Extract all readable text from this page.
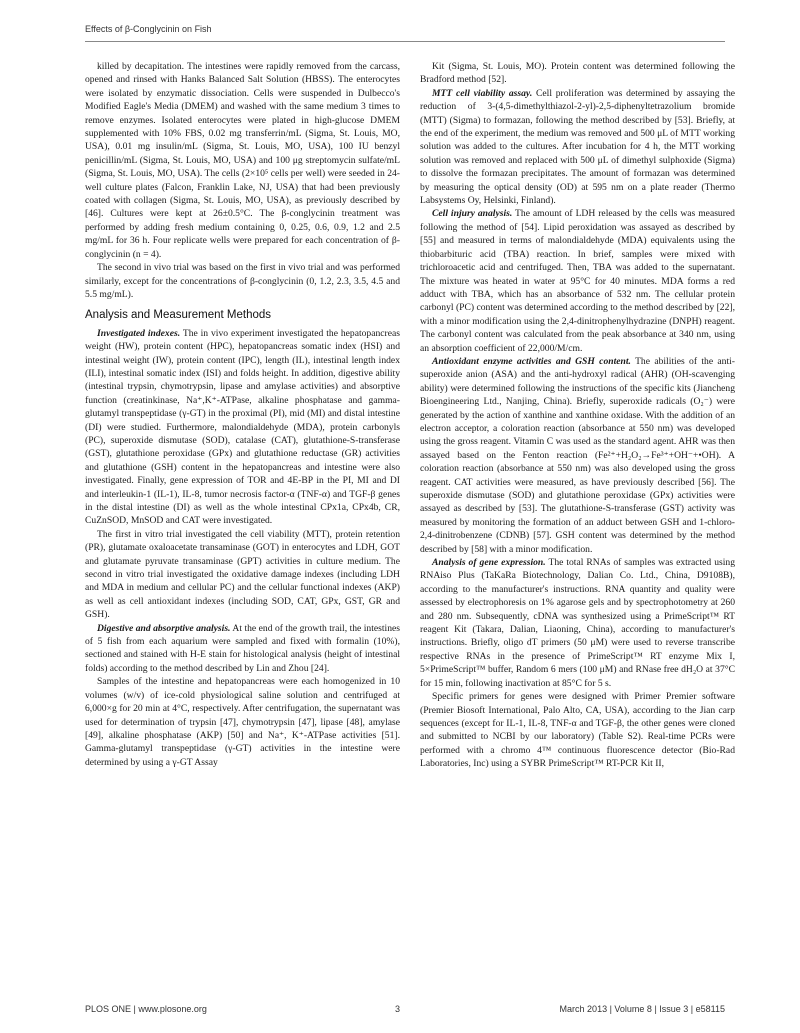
Effects of β-Conglycinin on Fish

killed by decapitation. The intestines were rapidly removed from the carcass, opened and rinsed with Hanks Balanced Salt Solution (HBSS). The enterocytes were isolated by enzymatic dissociation. Cells were suspended in Dulbecco's Modified Eagle's Media (DMEM) and washed with the same medium 3 times to remove enzymes. Isolated enterocytes were plated in high-glucose DMEM supplemented with 10% FBS, 0.02 mg transferrin/mL (Sigma, St. Louis, MO, USA), 0.01 mg insulin/mL (Sigma, St. Louis, MO, USA), 100 IU benzyl penicillin/mL (Sigma, St. Louis, MO, USA) and 100 μg streptomycin sulfate/mL (Sigma, St. Louis, MO, USA). The cells (2×10⁵ cells per well) were seeded in 24-well culture plates (Falcon, Franklin Lake, NJ, USA) that had been previously coated with collagen (Sigma, St. Louis, MO, USA), as previously described by [46]. Cultures were kept at 26±0.5°C. The β-conglycinin treatment was performed by adding fresh medium containing 0, 0.25, 0.6, 0.9, 1.2 and 2.5 mg/mL for 36 h. Four replicate wells were prepared for each concentration of β-conglycinin (n = 4).

The second in vivo trial was based on the first in vivo trial and was performed similarly, except for the concentrations of β-conglycinin (0, 1.2, 2.3, 3.5, 4.5 and 5.5 mg/mL).

Analysis and Measurement Methods

Investigated indexes. The in vivo experiment investigated the hepatopancreas weight (HW), protein content (HPC), hepatopancreas somatic index (HSI) and intestinal weight (IW), protein content (IPC), length (IL), intestinal length index (ILI), intestinal somatic index (ISI) and folds height. In addition, digestive ability (intestinal trypsin, chymotrypsin, lipase and amylase activities) and absorptive function (creatinkinase, Na⁺,K⁺-ATPase, alkaline phosphatase and gamma-glutamyl transpeptidase (γ-GT) in the proximal (PI), mid (MI) and distal intestine (DI) were studied. Furthermore, malondialdehyde (MDA), protein carbonyls (PC), superoxide dismutase (SOD), catalase (CAT), glutathione-S-transferase (GST), glutathione peroxidase (GPx) and glutathione reductase (GR) activities and glutathione (GSH) content in the hepatopancreas and intestine were also investigated. Finally, gene expression of TOR and 4E-BP in the PI, MI and DI and interleukin-1 (IL-1), IL-8, tumor necrosis factor-α (TNF-α) and TGF-β genes in the distal intestine (DI) as well as the whole intestinal CPx1a, CPx4b, CR, CuZnSOD, MnSOD and CAT were investigated.

The first in vitro trial investigated the cell viability (MTT), protein retention (PR), glutamate oxaloacetate transaminase (GOT) in enterocytes and LDH, GOT and glutamate pyruvate transaminase (GPT) activities in culture medium. The second in vitro trial investigated the oxidative damage indexes (including LDH and MDA in medium and cellular PC) and the cellular functional indexes (AKP) as well as cell antioxidant indexes (including SOD, CAT, GPx, GST, GR and GSH).

Digestive and absorptive analysis. At the end of the growth trail, the intestines of 5 fish from each aquarium were sampled and fixed with formalin (10%), sectioned and stained with H-E stain for histological analysis (height of intestinal folds) according to the method described by Lin and Zhou [24].

Samples of the intestine and hepatopancreas were each homogenized in 10 volumes (w/v) of ice-cold physiological saline solution and centrifuged at 6,000×g for 20 min at 4°C, respectively. After centrifugation, the supernatant was used for determination of trypsin [47], chymotrypsin [47], lipase [48], amylase [49], alkaline phosphatase (AKP) [50] and Na⁺, K⁺-ATPase activities [51]. Gamma-glutamyl transpeptidase (γ-GT) activities in the intestine were determined by using a γ-GT Assay

Kit (Sigma, St. Louis, MO). Protein content was determined following the Bradford method [52].

MTT cell viability assay. Cell proliferation was determined by assaying the reduction of 3-(4,5-dimethylthiazol-2-yl)-2,5-diphenyltetrazolium bromide (MTT) (Sigma) to formazan, following the method described by [53]. Briefly, at the end of the experiment, the medium was removed and 500 μL of MTT working solution was added to the cultures. After incubation for 4 h, the MTT working solution was removed and replaced with 500 μL of dimethyl sulphoxide (Sigma) to dissolve the formazan precipitates. The amount of formazan was determined by measuring the optical density (OD) at 595 nm on a plate reader (Thermo Labsystems Oy, Helsinki, Finland).

Cell injury analysis. The amount of LDH released by the cells was measured following the method of [54]. Lipid peroxidation was assayed as described by [55] and measured in terms of malondialdehyde (MDA) equivalents using the thiobarbituric acid (TBA) reaction. In brief, samples were mixed with trichloroacetic acid and centrifuged. Then, TBA was added to the supernatant. The mixture was heated in water at 95°C for 40 minutes. MDA forms a red adduct with TBA, which has an absorbance of 532 nm. The cellular protein carbonyl (PC) content was determined according to the method described by [22], with a minor modification using the 2,4-dinitrophenylhydrazine (DNPH) reagent. The carbonyl content was calculated from the peak absorbance at 340 nm, using an absorption coefficient of 22,000/M/cm.

Antioxidant enzyme activities and GSH content. The abilities of the anti-superoxide anion (ASA) and the anti-hydroxyl radical (AHR) (OH-scavenging ability) were determined following the instructions of the specific kits (Jiancheng Bioengineering Ltd., Nanjing, China). Briefly, superoxide radicals (O₂⁻) were generated by the action of xanthine and xanthine oxidase. With the addition of an electron acceptor, a coloration reaction (absorbance at 550 nm) was developed using the gross reagent. Vitamin C was used as the standard agent. AHR was then assayed based on the Fenton reaction (Fe²⁺+H₂O₂→Fe³⁺+OH⁻+•OH). A coloration reaction (absorbance at 550 nm) was also developed using the gross reagent. CAT activities were measured, as have previously described [56]. The superoxide dismutase (SOD) and glutathione peroxidase (GPx) activities were assayed as described by [53]. The glutathione-S-transferase (GST) activity was measured by monitoring the formation of an adduct between GSH and 1-chloro-2,4-dinitrobenzene (CDNB) [57]. GSH content was determined by the method described by [58] with a minor modification.

Analysis of gene expression. The total RNAs of samples was extracted using RNAiso Plus (TaKaRa Biotechnology, Dalian Co. Ltd., China, D9108B), according to the manufacturer's instructions. RNA quantity and quality were assessed by electrophoresis on 1% agarose gels and by spectrophotometry at 260 and 280 nm. Subsequently, cDNA was synthesized using a PrimeScript™ RT reagent Kit (Takara, Dalian, Liaoning, China), according to manufacturer's instructions. Briefly, oligo dT primers (50 μM) were used to reverse transcribe respective RNAs in the presence of PrimeScript™ RT enzyme Mix I, 5×PrimeScript™ buffer, Random 6 mers (100 μM) and RNase free dH₂O at 37°C for 15 min, following inactivation at 85°C for 5 s.

Specific primers for genes were designed with Primer Premier software (Premier Biosoft International, Palo Alto, CA, USA), according to the Jian carp sequences (except for IL-1, IL-8, TNF-α and TGF-β, the other genes were cloned and submitted to NCBI by our laboratory) (Table S2). Real-time PCRs were performed with a chromo 4™ continuous fluorescence detector (Bio-Rad Laboratories, Inc) using a SYBR PrimeScript™ RT-PCR Kit II,

PLOS ONE | www.plosone.org	3	March 2013 | Volume 8 | Issue 3 | e58115
